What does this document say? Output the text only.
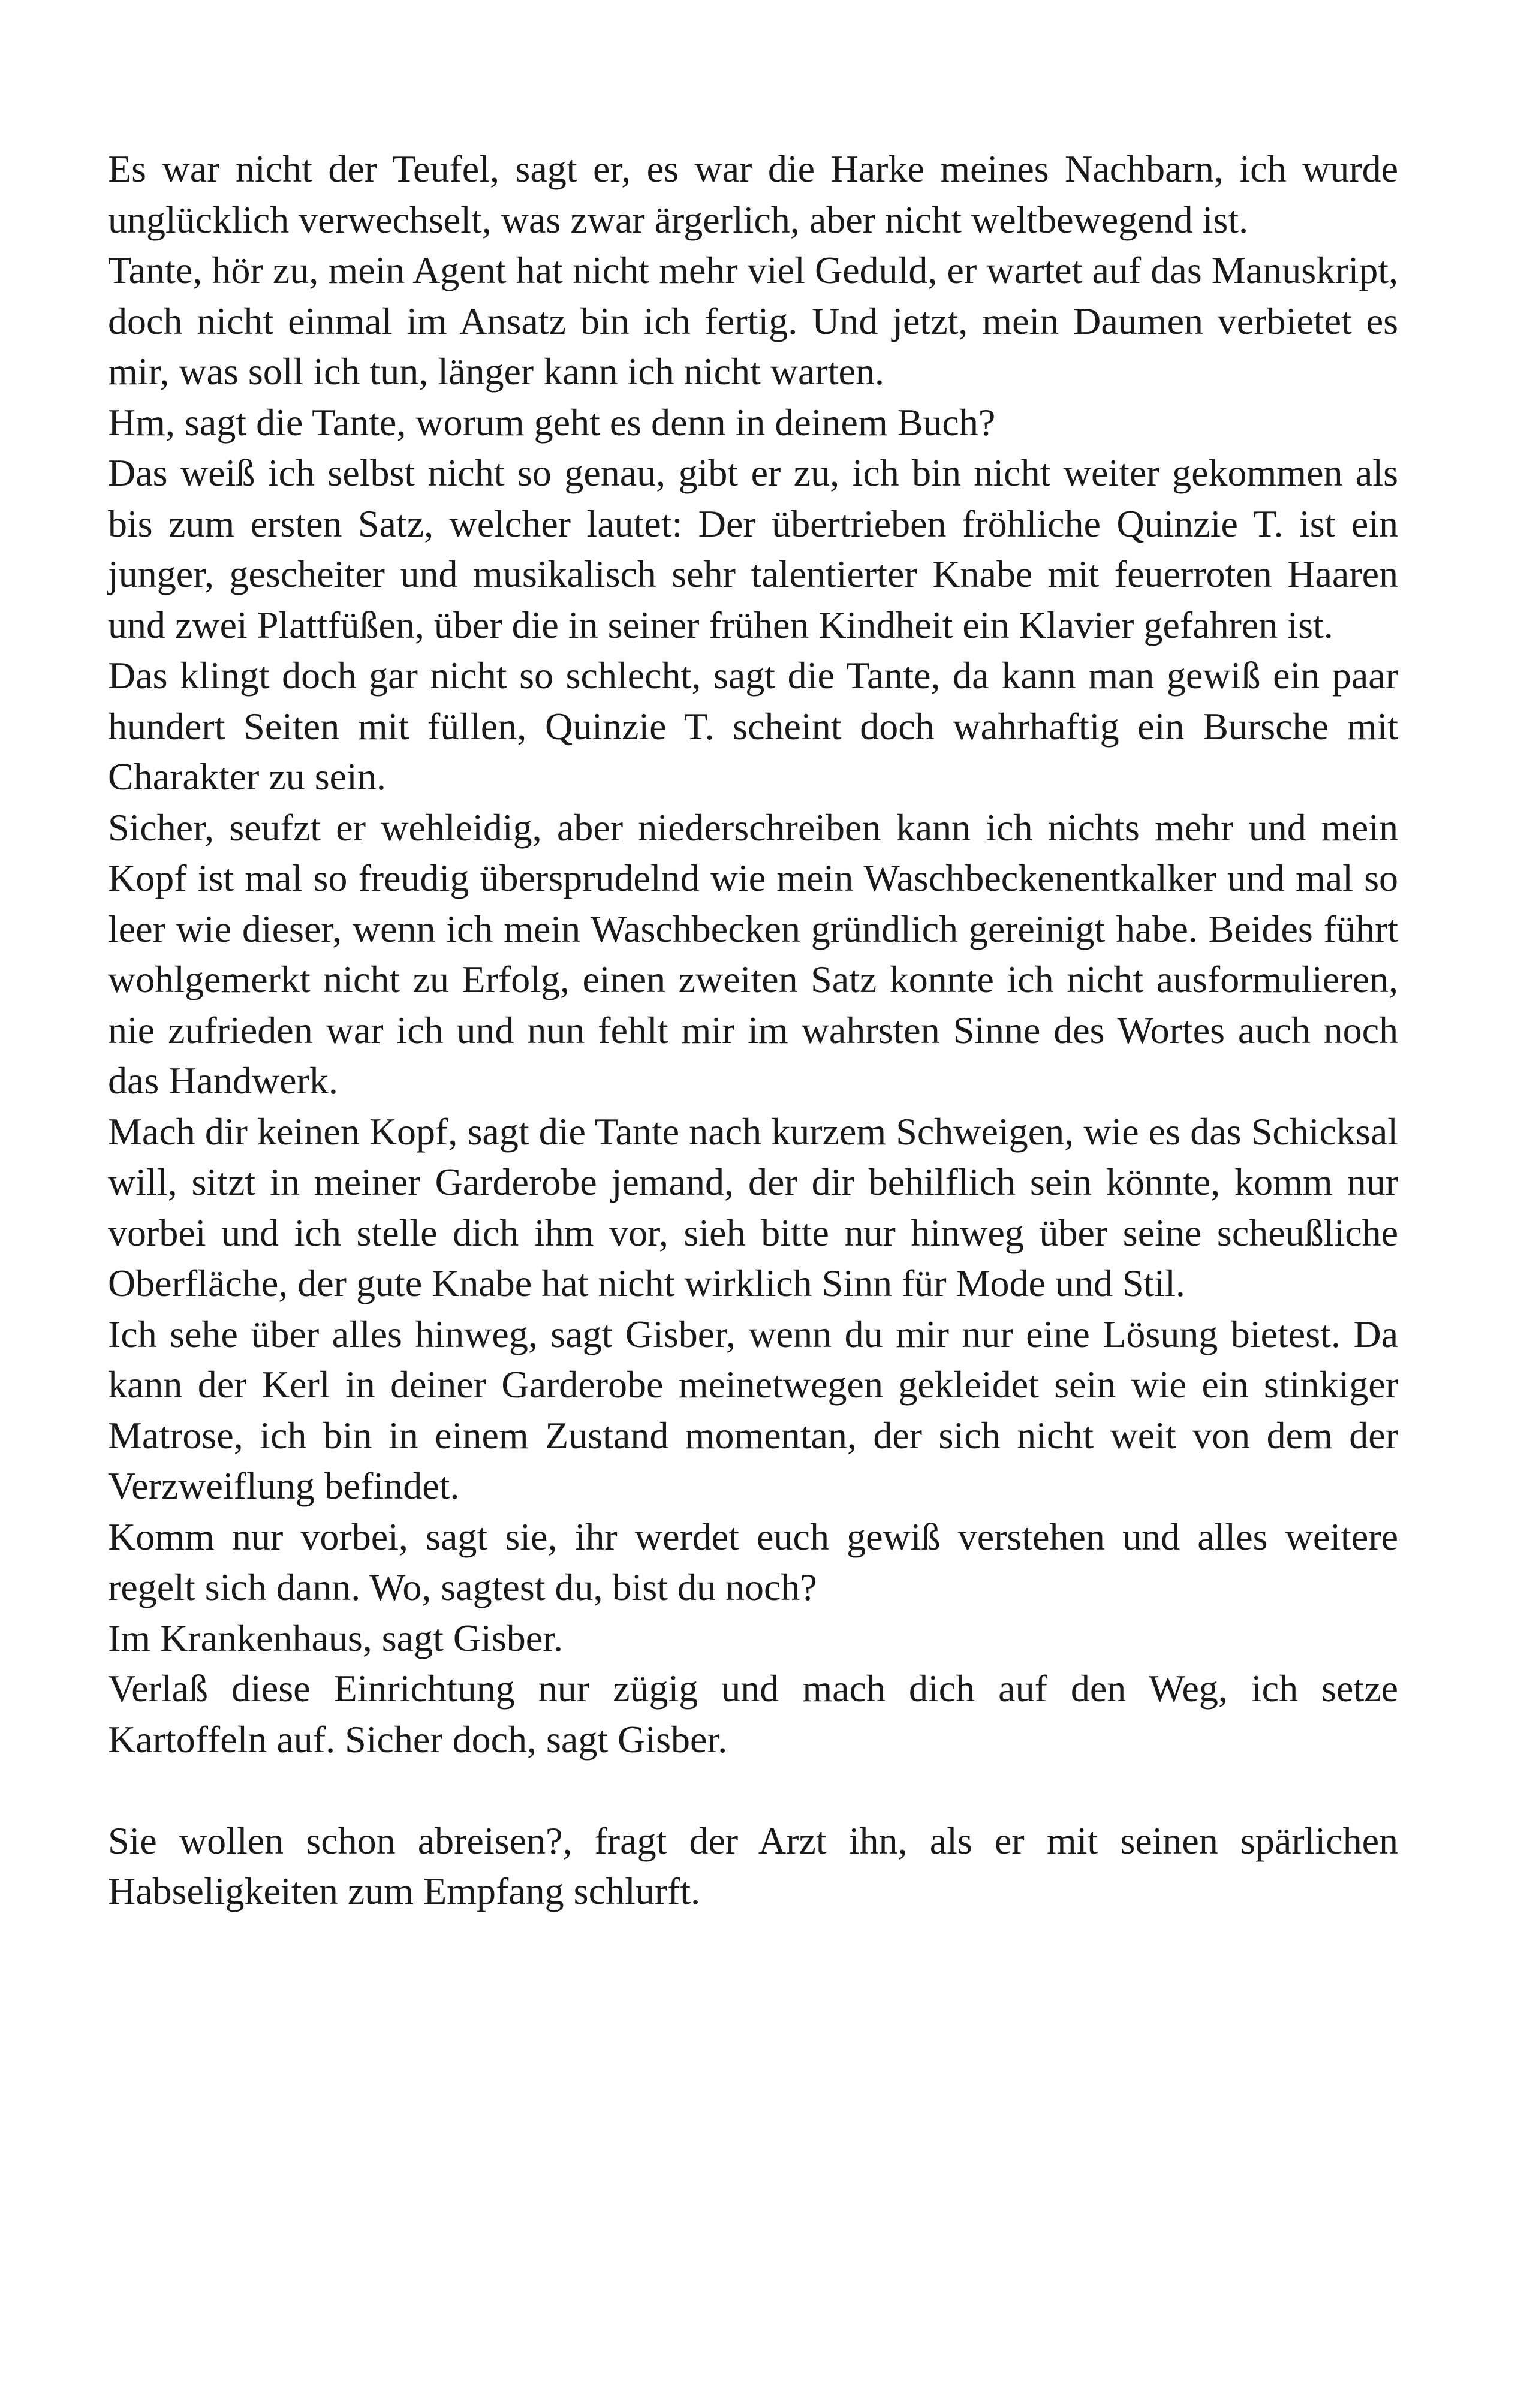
Es war nicht der Teufel, sagt er, es war die Harke meines Nachbarn, ich wurde unglücklich verwechselt, was zwar ärgerlich, aber nicht weltbewegend ist.

Tante, hör zu, mein Agent hat nicht mehr viel Geduld, er wartet auf das Manuskript, doch nicht einmal im Ansatz bin ich fertig. Und jetzt, mein Daumen verbietet es mir, was soll ich tun, länger kann ich nicht warten.

Hm, sagt die Tante, worum geht es denn in deinem Buch?

Das weiß ich selbst nicht so genau, gibt er zu, ich bin nicht weiter gekommen als bis zum ersten Satz, welcher lautet: Der übertrieben fröhliche Quinzie T. ist ein junger, gescheiter und musikalisch sehr talentierter Knabe mit feuerroten Haaren und zwei Plattfüßen, über die in seiner frühen Kindheit ein Klavier gefahren ist.

Das klingt doch gar nicht so schlecht, sagt die Tante, da kann man gewiß ein paar hundert Seiten mit füllen, Quinzie T. scheint doch wahrhaftig ein Bursche mit Charakter zu sein.

Sicher, seufzt er wehleidig, aber niederschreiben kann ich nichts mehr und mein Kopf ist mal so freudig übersprudelnd wie mein Waschbeckenentkalker und mal so leer wie dieser, wenn ich mein Waschbecken gründlich gereinigt habe. Beides führt wohlgemerkt nicht zu Erfolg, einen zweiten Satz konnte ich nicht ausformulieren, nie zufrieden war ich und nun fehlt mir im wahrsten Sinne des Wortes auch noch das Handwerk.

Mach dir keinen Kopf, sagt die Tante nach kurzem Schweigen, wie es das Schicksal will, sitzt in meiner Garderobe jemand, der dir behilflich sein könnte, komm nur vorbei und ich stelle dich ihm vor, sieh bitte nur hinweg über seine scheußliche Oberfläche, der gute Knabe hat nicht wirklich Sinn für Mode und Stil.

Ich sehe über alles hinweg, sagt Gisber, wenn du mir nur eine Lösung bietest. Da kann der Kerl in deiner Garderobe meinetwegen gekleidet sein wie ein stinkiger Matrose, ich bin in einem Zustand momentan, der sich nicht weit von dem der Verzweiflung befindet.

Komm nur vorbei, sagt sie, ihr werdet euch gewiß verstehen und alles weitere regelt sich dann. Wo, sagtest du, bist du noch?

Im Krankenhaus, sagt Gisber.

Verlaß diese Einrichtung nur zügig und mach dich auf den Weg, ich setze Kartoffeln auf. Sicher doch, sagt Gisber.

Sie wollen schon abreisen?, fragt der Arzt ihn, als er mit seinen spärlichen Habseligkeiten zum Empfang schlurft.
